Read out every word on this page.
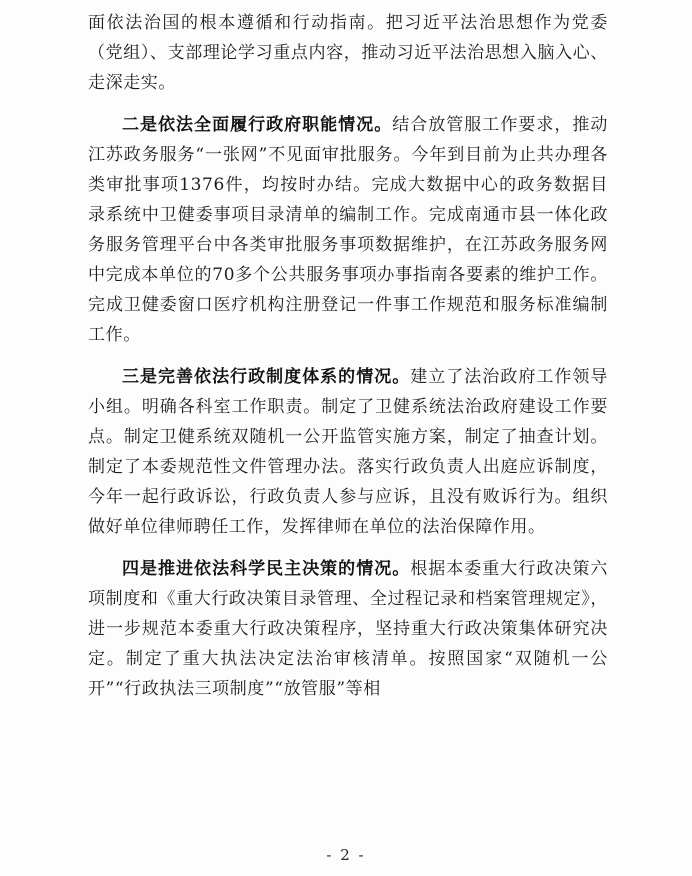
面依法治国的根本遵循和行动指南。把习近平法治思想作为党委（党组）、支部理论学习重点内容，推动习近平法治思想入脑入心、走深走实。

二是依法全面履行政府职能情况。结合放管服工作要求，推动江苏政务服务“一张网”不见面审批服务。今年到目前为止共办理各类审批事项1376件，均按时办结。完成大数据中心的政务数据目录系统中卫健委事项目录清单的编制工作。完成南通市县一体化政务服务管理平台中各类审批服务事项数据维护，在江苏政务服务网中完成本单位的70多个公共服务事项办事指南各要素的维护工作。完成卫健委窗口医疗机构注册登记一件事工作规范和服务标准编制工作。

三是完善依法行政制度体系的情况。建立了法治政府工作领导小组。明确各科室工作职责。制定了卫健系统法治政府建设工作要点。制定卫健系统双随机一公开监管实施方案，制定了抽查计划。制定了本委规范性文件管理办法。落实行政负责人出庭应诉制度，今年一起行政诉讼，行政负责人参与应诉，且没有败诉行为。组织做好单位律师聘任工作，发挥律师在单位的法治保障作用。

四是推进依法科学民主决策的情况。根据本委重大行政决策六项制度和《重大行政决策目录管理、全过程记录和档案管理规定》，进一步规范本委重大行政决策程序，坚持重大行政决策集体研究决定。制定了重大执法决定法治审核清单。按照国家“双随机一公开”“行政执法三项制度”“放管服”等相

- 2 -
